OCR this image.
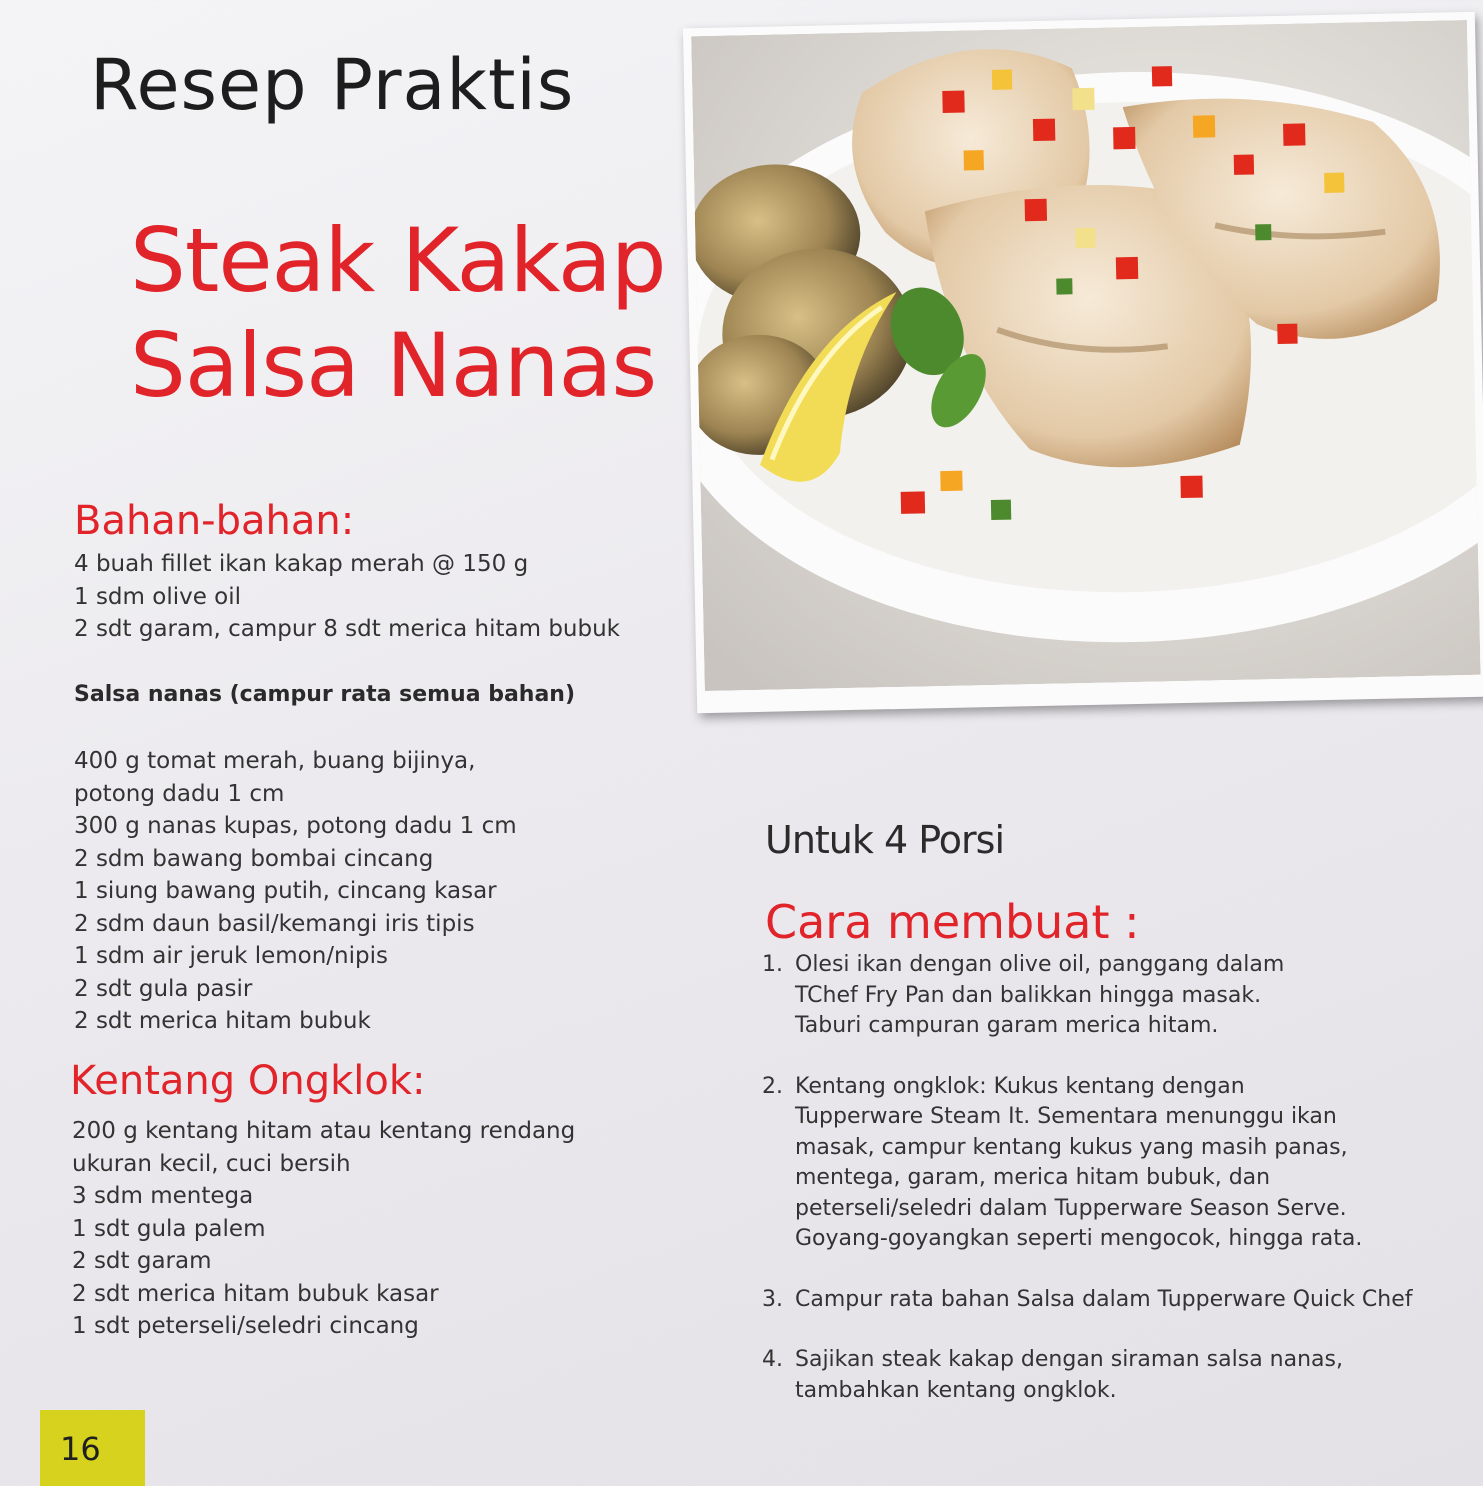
Resep Praktis
Steak Kakap
Salsa Nanas
Bahan-bahan:
4 buah fillet ikan kakap merah @ 150 g
1 sdm olive oil
2 sdt garam, campur 8 sdt merica hitam bubuk

Salsa nanas (campur rata semua bahan)

400 g tomat merah, buang bijinya,
potong dadu 1 cm
300 g nanas kupas, potong dadu 1 cm
2 sdm bawang bombai cincang
1 siung bawang putih, cincang kasar
2 sdm daun basil/kemangi iris tipis
1 sdm air jeruk lemon/nipis
2 sdt gula pasir
2 sdt merica hitam bubuk
Kentang Ongklok:
200 g kentang hitam atau kentang rendang
ukuran kecil, cuci bersih
3 sdm mentega
1 sdt gula palem
2 sdt garam
2 sdt merica hitam bubuk kasar
1 sdt peterseli/seledri cincang
Untuk 4 Porsi
Cara membuat :
1. Olesi ikan dengan olive oil, panggang dalam
TChef Fry Pan dan balikkan hingga masak.
Taburi campuran garam merica hitam.
2. Kentang ongklok: Kukus kentang dengan
Tupperware Steam It. Sementara menunggu ikan
masak, campur kentang kukus yang masih panas,
mentega, garam, merica hitam bubuk, dan
peterseli/seledri dalam Tupperware Season Serve.
Goyang-goyangkan seperti mengocok, hingga rata.
3. Campur rata bahan Salsa dalam Tupperware Quick Chef
4. Sajikan steak kakap dengan siraman salsa nanas,
tambahkan kentang ongklok.
16
